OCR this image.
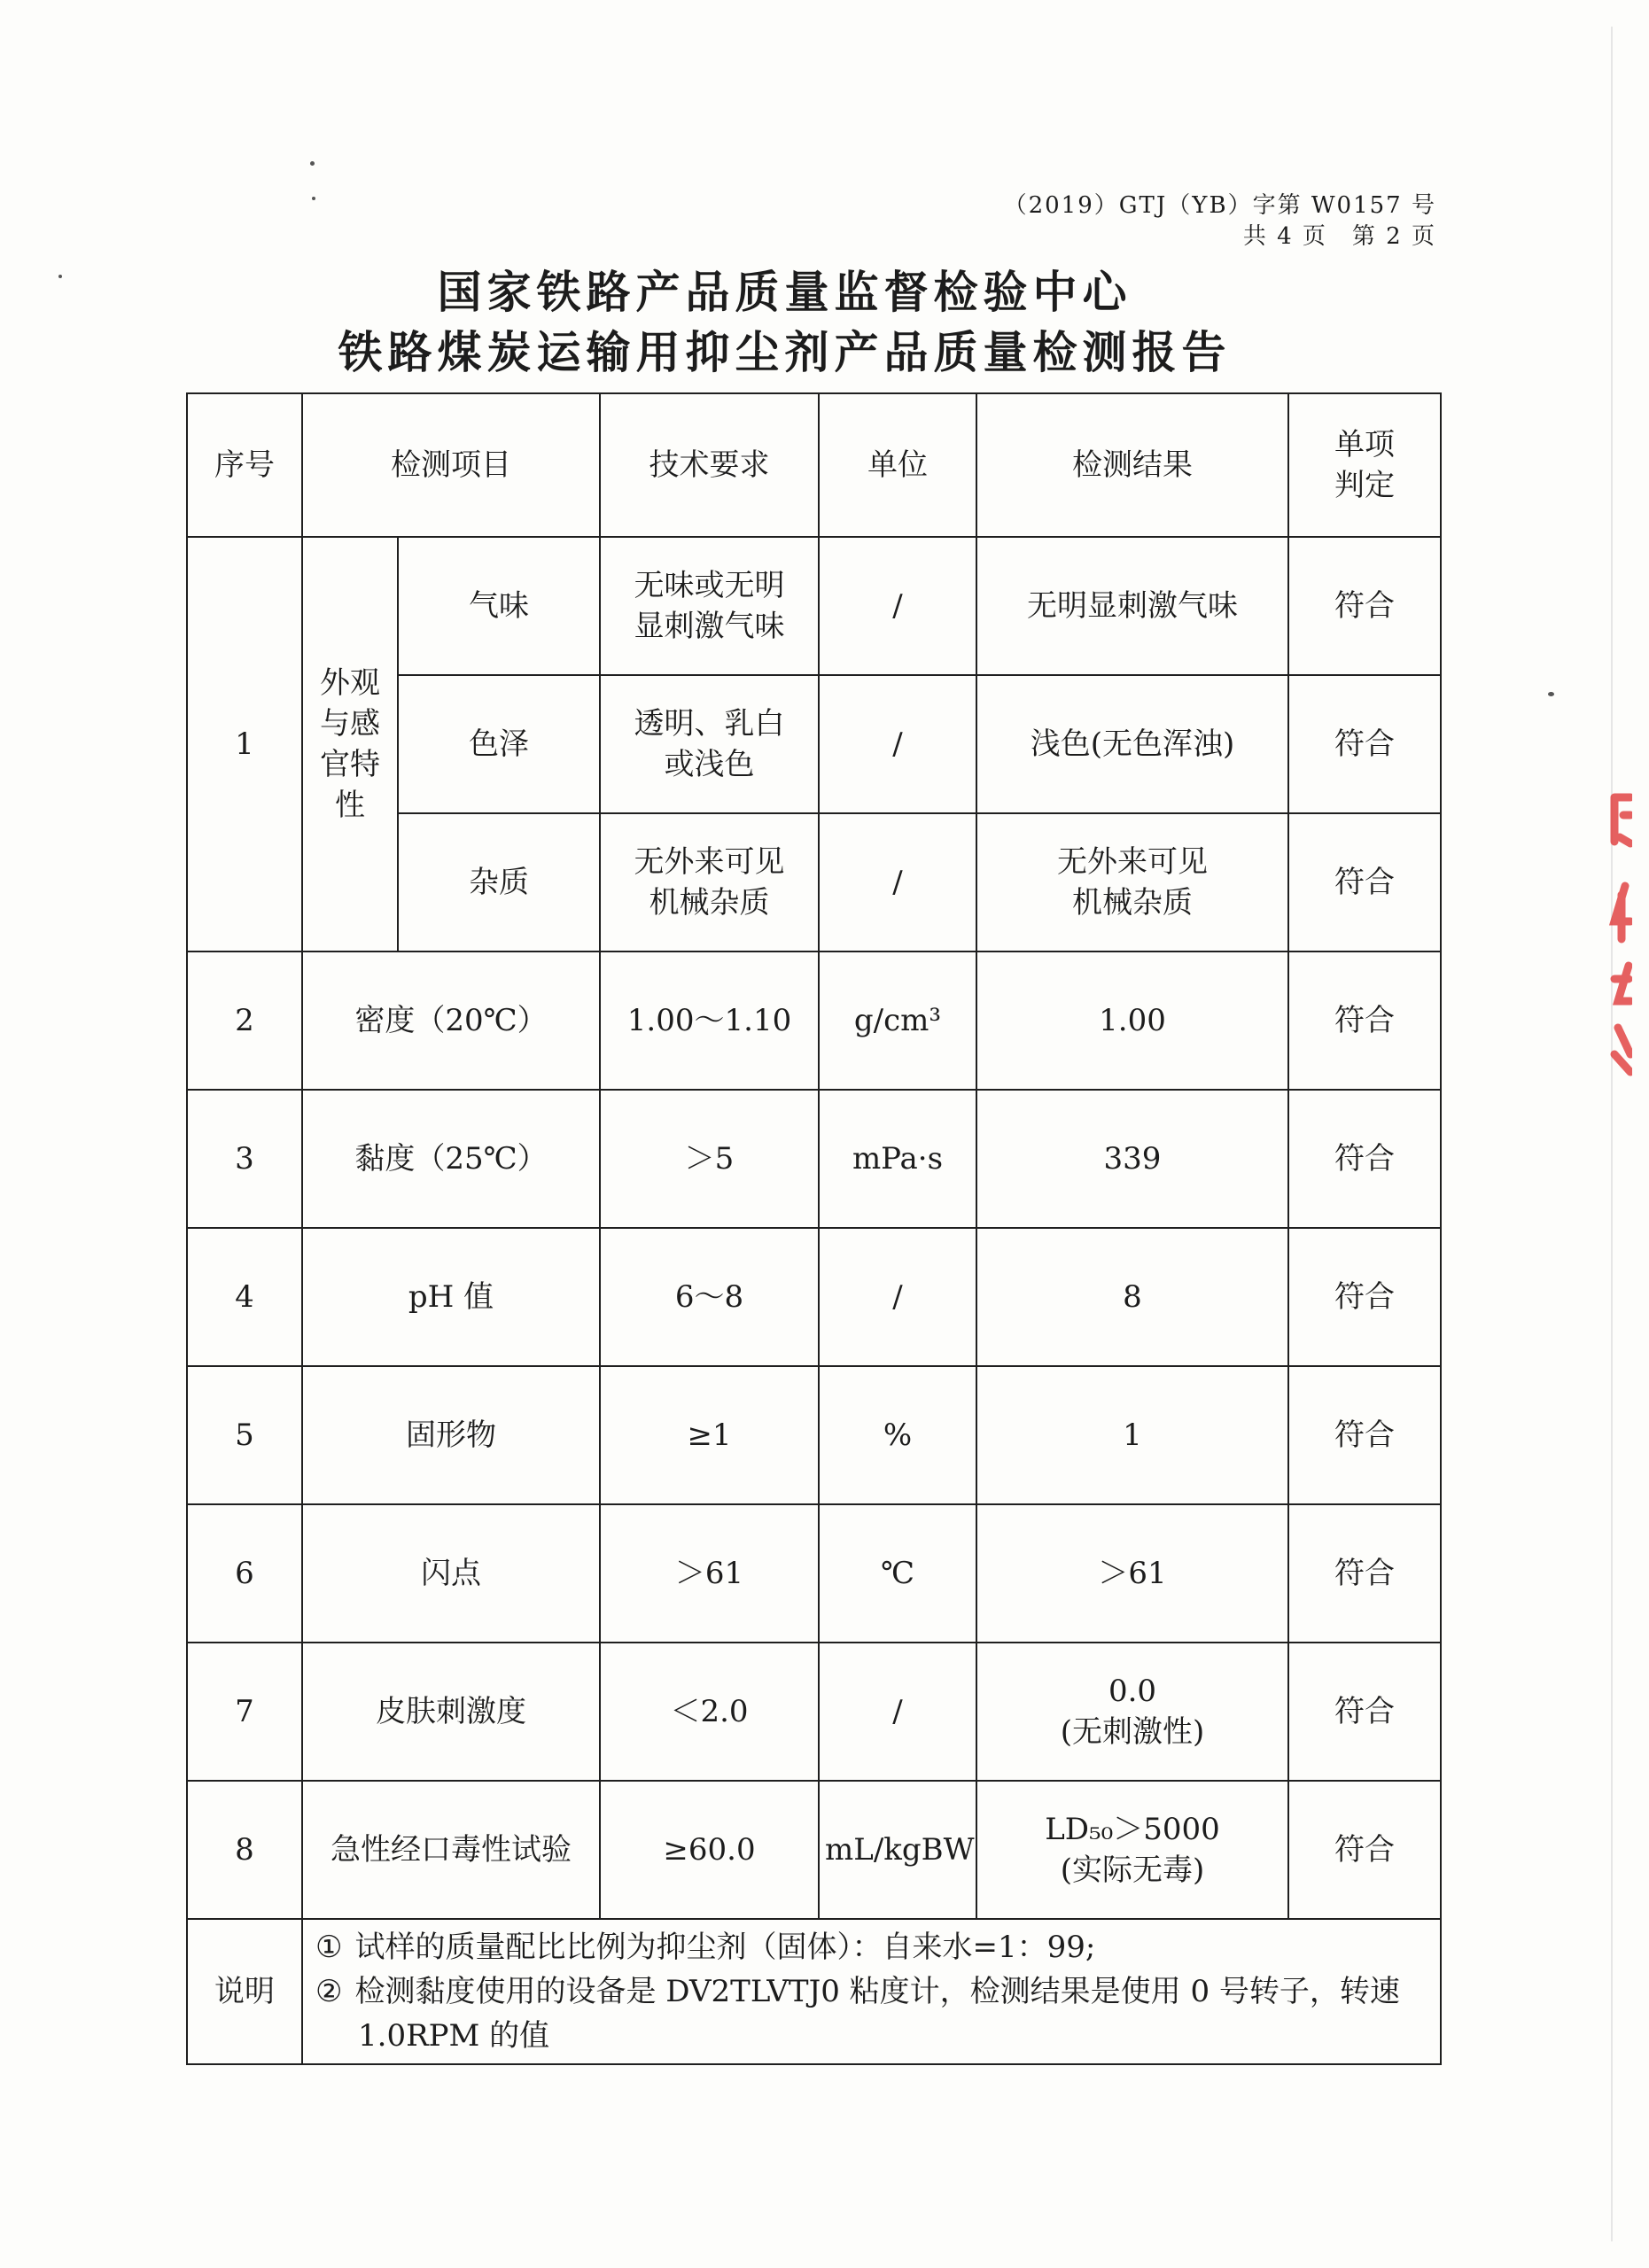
（2019）GTJ（YB）字第 W0157 号
共 4 页　第 2 页
国家铁路产品质量监督检验中心
铁路煤炭运输用抑尘剂产品质量检测报告
序号	检测项目		技术要求	单位	检测结果	单项
判定

1	外观
与感
官特
性	气味	无味或无明
显刺激气味	/	无明显刺激气味	符合
		色泽	透明、乳白
或浅色	/	浅色(无色浑浊)	符合
		杂质	无外来可见
机械杂质	/	无外来可见
机械杂质	符合
2	密度（20℃）		1.00～1.10	g/cm³	1.00	符合
3	黏度（25℃）		＞5	mPa·s	339	符合
4	pH 值		6～8	/	8	符合
5	固形物		≥1	%	1	符合
6	闪点		＞61	℃	＞61	符合
7	皮肤刺激度		＜2.0	/	0.0
(无刺激性)	符合
8	急性经口毒性试验		≥60.0	mL/kgBW	LD₅₀＞5000
(实际无毒)	符合
说明	① 试样的质量配比比例为抑尘剂（固体）：自来水=1：99;
② 检测黏度使用的设备是 DV2TLVTJ0 粘度计，检测结果是使用 0 号转子，转速
1.0RPM 的值					
